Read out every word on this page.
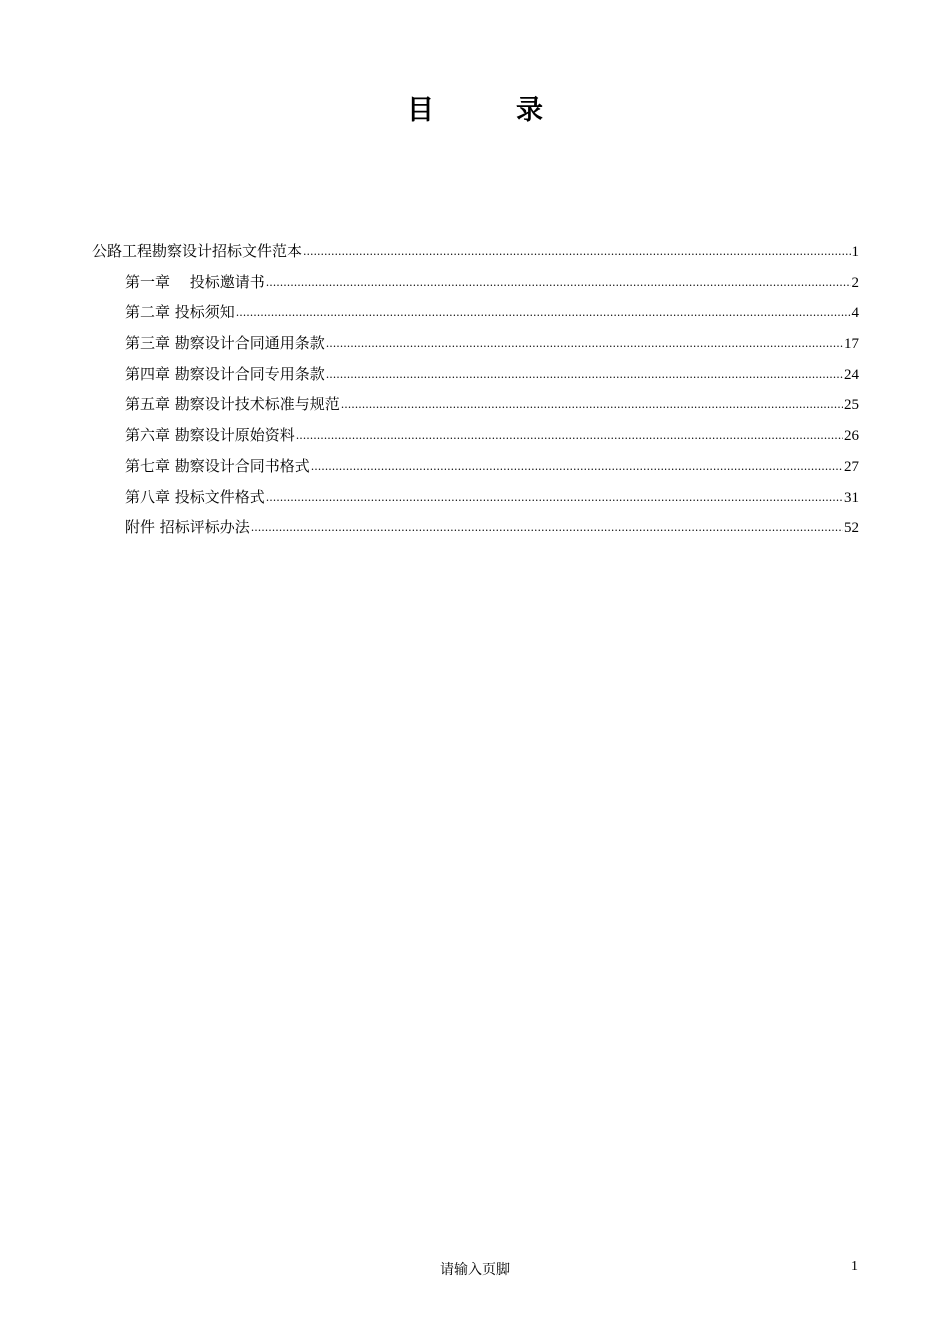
目	录
公路工程勘察设计招标文件范本 .....	1
第一章　 投标邀请书 .....	2
第二章 投标须知 .....	4
第三章 勘察设计合同通用条款 .....	17
第四章 勘察设计合同专用条款 .....	24
第五章 勘察设计技术标准与规范 .....	25
第六章 勘察设计原始资料 .....	26
第七章 勘察设计合同书格式 .....	27
第八章 投标文件格式 .....	31
附件 招标评标办法 .....	52
请输入页脚	1
